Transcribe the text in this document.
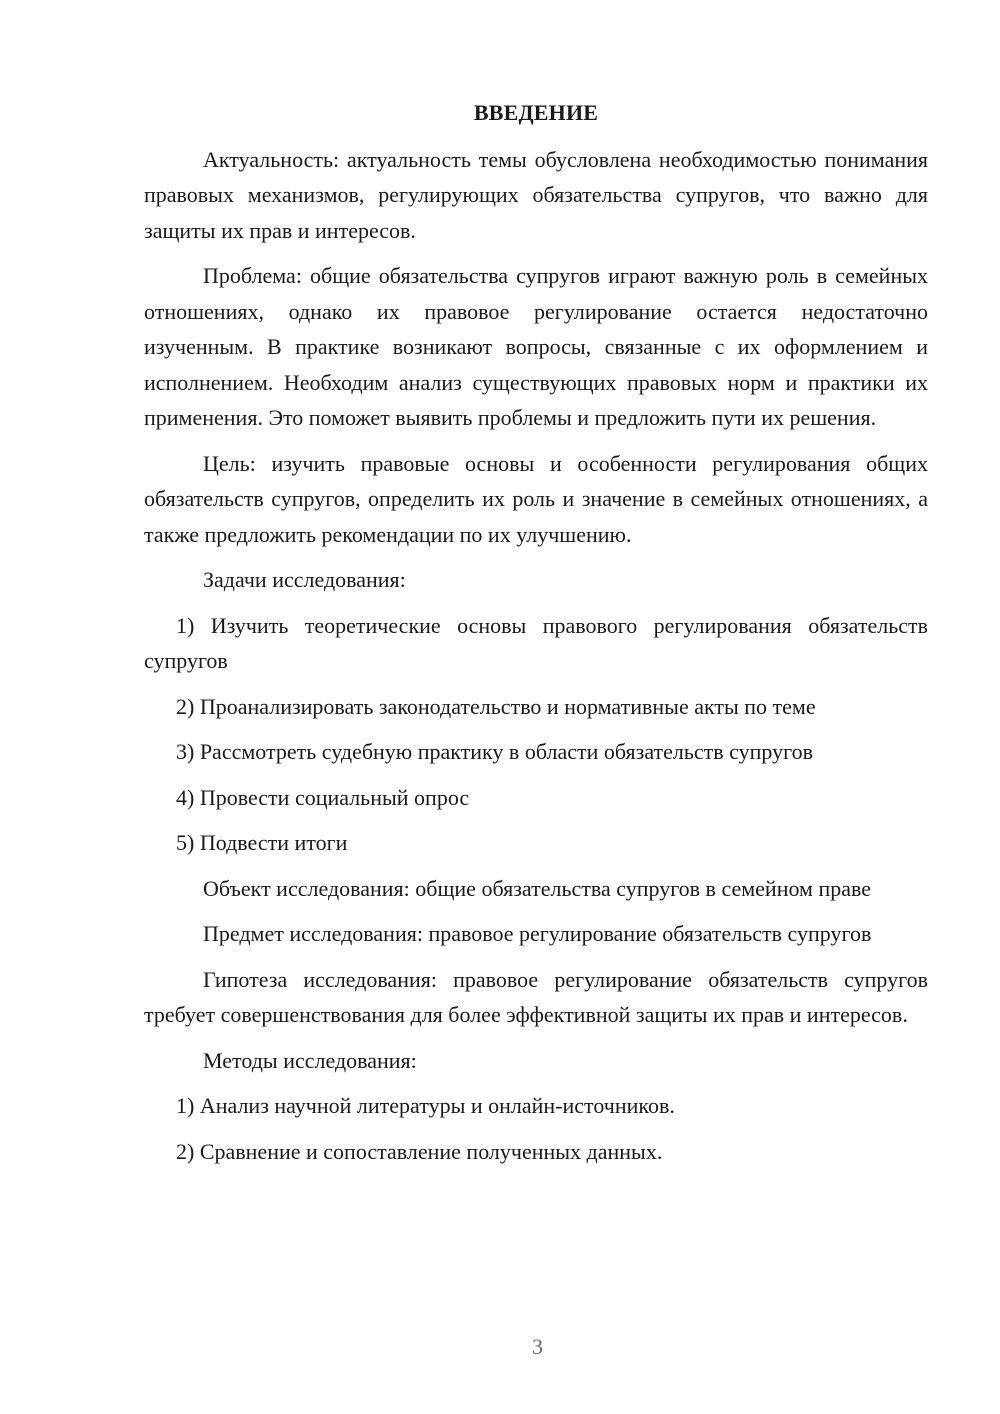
ВВЕДЕНИЕ

Актуальность: актуальность темы обусловлена необходимостью понимания правовых механизмов, регулирующих обязательства супругов, что важно для защиты их прав и интересов.

Проблема: общие обязательства супругов играют важную роль в семейных отношениях, однако их правовое регулирование остается недостаточно изученным. В практике возникают вопросы, связанные с их оформлением и исполнением. Необходим анализ существующих правовых норм и практики их применения. Это поможет выявить проблемы и предложить пути их решения.

Цель: изучить правовые основы и особенности регулирования общих обязательств супругов, определить их роль и значение в семейных отношениях, а также предложить рекомендации по их улучшению.

Задачи исследования:

1) Изучить теоретические основы правового регулирования обязательств супругов

2) Проанализировать законодательство и нормативные акты по теме

3) Рассмотреть судебную практику в области обязательств супругов

4) Провести социальный опрос

5) Подвести итоги

Объект исследования: общие обязательства супругов в семейном праве

Предмет исследования: правовое регулирование обязательств супругов

Гипотеза исследования: правовое регулирование обязательств супругов требует совершенствования для более эффективной защиты их прав и интересов.

Методы исследования:

1) Анализ научной литературы и онлайн-источников.

2) Сравнение и сопоставление полученных данных.

3
